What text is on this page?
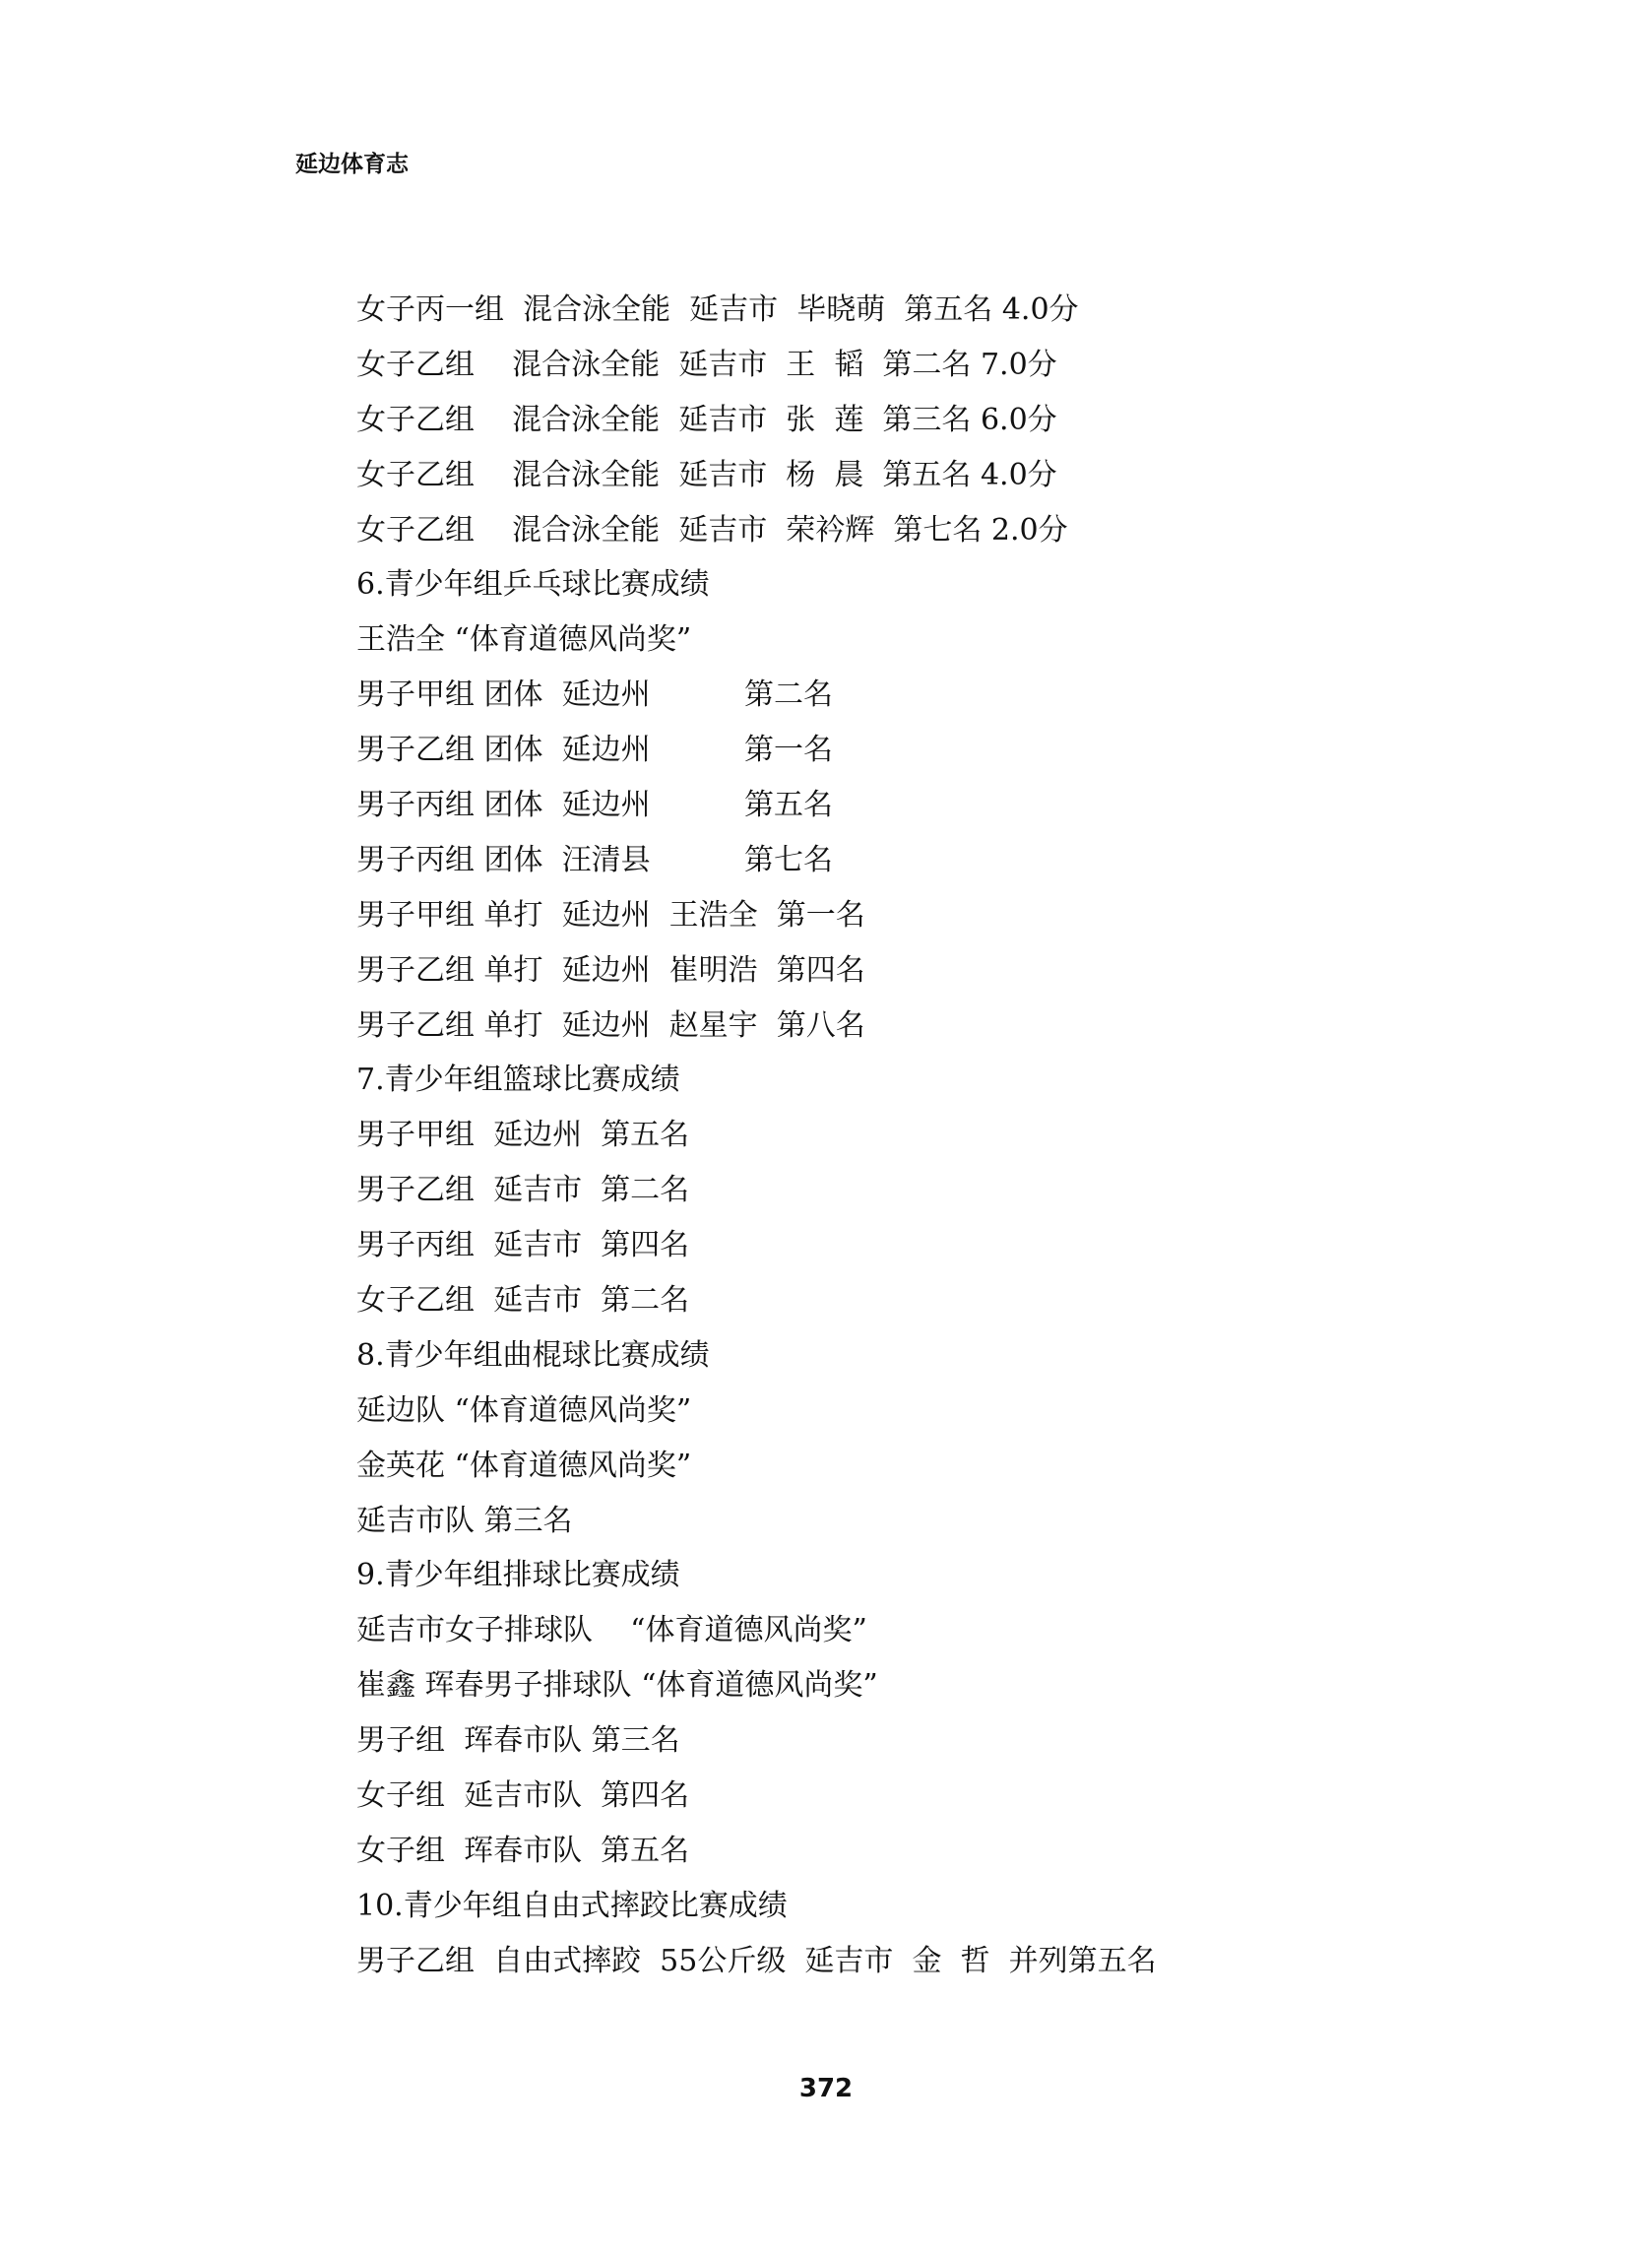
延边体育志
女子丙一组  混合泳全能  延吉市  毕晓萌  第五名 4.0分
女子乙组    混合泳全能  延吉市  王  韬  第二名 7.0分
女子乙组    混合泳全能  延吉市  张  莲  第三名 6.0分
女子乙组    混合泳全能  延吉市  杨  晨  第五名 4.0分
女子乙组    混合泳全能  延吉市  荣衿辉  第七名 2.0分
6.青少年组乒乓球比赛成绩
王浩全 “体育道德风尚奖”
男子甲组 团体  延边州          第二名
男子乙组 团体  延边州          第一名
男子丙组 团体  延边州          第五名
男子丙组 团体  汪清县          第七名
男子甲组 单打  延边州  王浩全  第一名
男子乙组 单打  延边州  崔明浩  第四名
男子乙组 单打  延边州  赵星宇  第八名
7.青少年组篮球比赛成绩
男子甲组  延边州  第五名
男子乙组  延吉市  第二名
男子丙组  延吉市  第四名
女子乙组  延吉市  第二名
8.青少年组曲棍球比赛成绩
延边队 “体育道德风尚奖”
金英花 “体育道德风尚奖”
延吉市队 第三名
9.青少年组排球比赛成绩
延吉市女子排球队    “体育道德风尚奖”
崔鑫 珲春男子排球队 “体育道德风尚奖”
男子组  珲春市队 第三名
女子组  延吉市队  第四名
女子组  珲春市队  第五名
10.青少年组自由式摔跤比赛成绩
男子乙组  自由式摔跤  55公斤级  延吉市  金  哲  并列第五名
372
